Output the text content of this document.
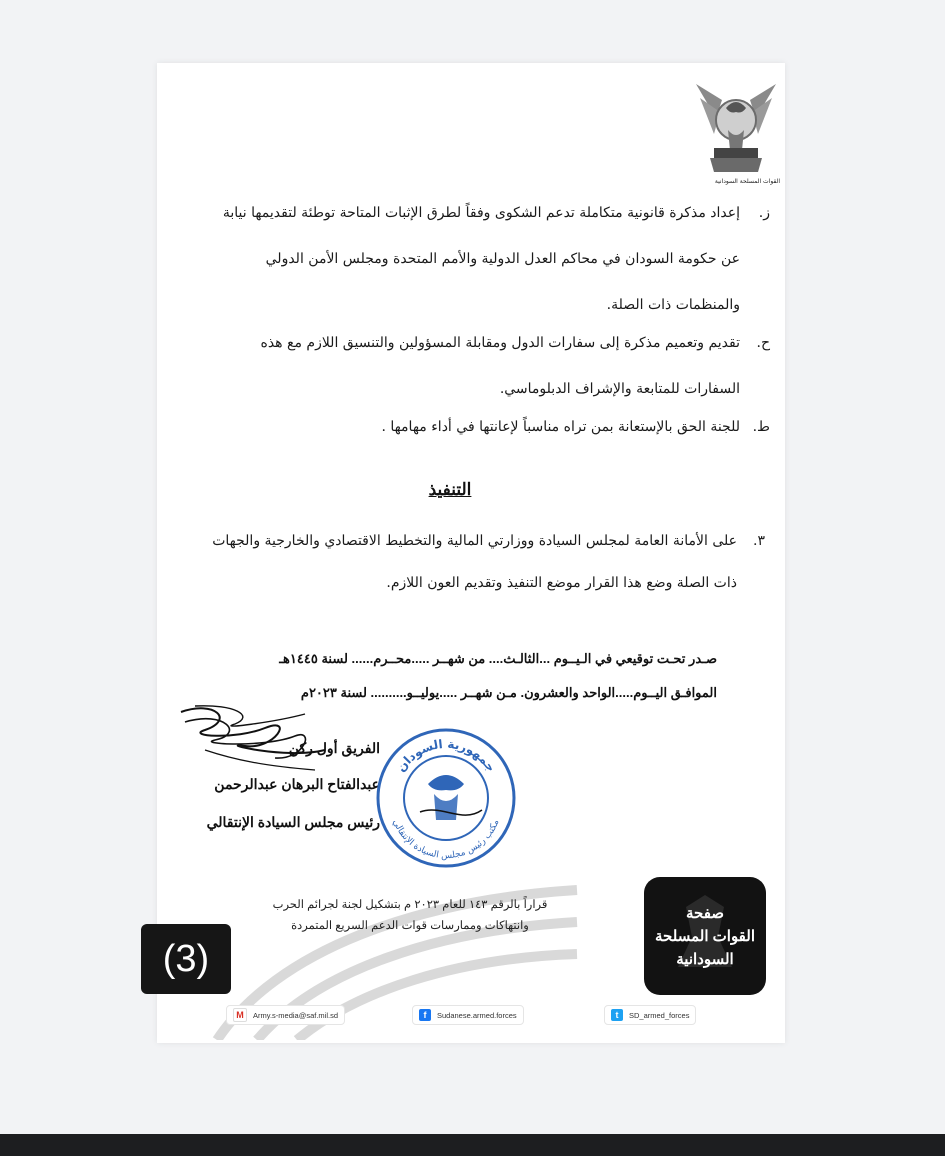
القوات المسلحة السودانية
ز.
إعداد مذكرة قانونية متكاملة تدعم الشكوى وفقاً لطرق الإثبات المتاحة توطئة لتقديمها نيابة عن حكومة السودان في محاكم العدل الدولية والأمم المتحدة ومجلس الأمن الدولي والمنظمات ذات الصلة.
ح.
تقديم وتعميم مذكرة إلى سفارات الدول ومقابلة المسؤولين والتنسيق اللازم مع هذه السفارات للمتابعة والإشراف الدبلوماسي.
ط.
للجنة الحق بالإستعانة بمن تراه مناسباً لإعانتها في أداء مهامها .
التنفيذ
٣.
على الأمانة العامة لمجلس السيادة ووزارتي المالية والتخطيط الاقتصادي والخارجية والجهات ذات الصلة وضع هذا القرار موضع التنفيذ وتقديم العون اللازم.
صـدر تحـت توقيعي في الـيــوم ...الثالـث.... من شهــر .....محــرم...... لسنة ١٤٤٥هـ
الموافـق اليــوم.....الواحد والعشرون. مـن شهــر .....يوليــو.......... لسنة ٢٠٢٣م
الفريق أول ركن
عبدالفتاح البرهان عبدالرحمن
رئيس مجلس السيادة الإنتقالي
جمهورية السودان
مكتب رئيس مجلس السيادة الإنتقالي
قراراً بالرقم ١٤٣ للعام ٢٠٢٣ م بتشكيل لجنة لجرائم الحرب وانتهاكات وممارسات قوات الدعم السريع المتمردة
(3)
صفحة
القوات المسلحة
السودانية
M	Army.s-media@saf.mil.sd	f	Sudanese.armed.forces	t	SD_armed_forces
